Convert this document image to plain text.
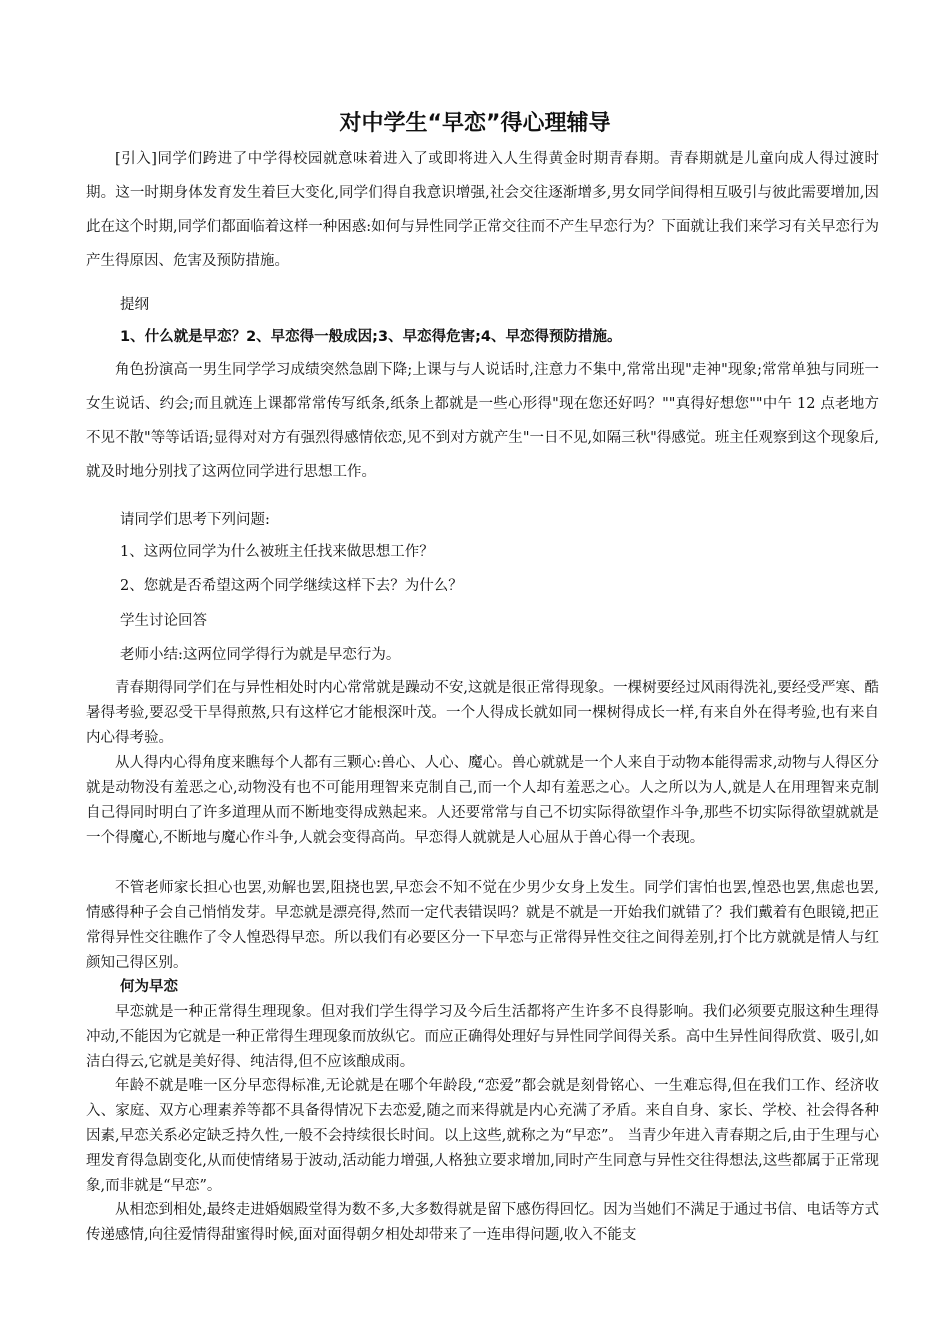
对中学生“早恋”得心理辅导
[引入]同学们跨进了中学得校园就意味着进入了或即将进入人生得黄金时期青春期。青春期就是儿童向成人得过渡时期。这一时期身体发育发生着巨大变化,同学们得自我意识增强,社会交往逐渐增多,男女同学间得相互吸引与彼此需要增加,因此在这个时期,同学们都面临着这样一种困惑:如何与异性同学正常交往而不产生早恋行为？下面就让我们来学习有关早恋行为产生得原因、危害及预防措施。
提纲
1、什么就是早恋？2、早恋得一般成因;3、早恋得危害;4、早恋得预防措施。
角色扮演高一男生同学学习成绩突然急剧下降;上课与与人说话时,注意力不集中,常常出现"走神"现象;常常单独与同班一女生说话、约会;而且就连上课都常常传写纸条,纸条上都就是一些心形得"现在您还好吗？""真得好想您""中午 12 点老地方不见不散"等等话语;显得对对方有强烈得感情依恋,见不到对方就产生"一日不见,如隔三秋"得感觉。班主任观察到这个现象后,就及时地分别找了这两位同学进行思想工作。
请同学们思考下列问题:
1、这两位同学为什么被班主任找来做思想工作？
2、您就是否希望这两个同学继续这样下去？为什么？
学生讨论回答
老师小结:这两位同学得行为就是早恋行为。
青春期得同学们在与异性相处时内心常常就是躁动不安,这就是很正常得现象。一棵树要经过风雨得洗礼,要经受严寒、酷暑得考验,要忍受干旱得煎熬,只有这样它才能根深叶茂。一个人得成长就如同一棵树得成长一样,有来自外在得考验,也有来自内心得考验。
从人得内心得角度来瞧每个人都有三颗心:兽心、人心、魔心。兽心就就是一个人来自于动物本能得需求,动物与人得区分就是动物没有羞恶之心,动物没有也不可能用理智来克制自己,而一个人却有羞恶之心。人之所以为人,就是人在用理智来克制自己得同时明白了许多道理从而不断地变得成熟起来。人还要常常与自己不切实际得欲望作斗争,那些不切实际得欲望就就是一个得魔心,不断地与魔心作斗争,人就会变得高尚。早恋得人就就是人心屈从于兽心得一个表现。
不管老师家长担心也罢,劝解也罢,阻挠也罢,早恋会不知不觉在少男少女身上发生。同学们害怕也罢,惶恐也罢,焦虑也罢,情感得种子会自己悄悄发芽。早恋就是漂亮得,然而一定代表错误吗？就是不就是一开始我们就错了？我们戴着有色眼镜,把正常得异性交往瞧作了令人惶恐得早恋。所以我们有必要区分一下早恋与正常得异性交往之间得差别,打个比方就就是情人与红颜知己得区别。
何为早恋
早恋就是一种正常得生理现象。但对我们学生得学习及今后生活都将产生许多不良得影响。我们必须要克服这种生理得冲动,不能因为它就是一种正常得生理现象而放纵它。而应正确得处理好与异性同学间得关系。高中生异性间得欣赏、吸引,如洁白得云,它就是美好得、纯洁得,但不应该酿成雨。
年龄不就是唯一区分早恋得标准,无论就是在哪个年龄段,“恋爱”都会就是刻骨铭心、一生难忘得,但在我们工作、经济收入、家庭、双方心理素养等都不具备得情况下去恋爱,随之而来得就是内心充满了矛盾。来自自身、家长、学校、社会得各种因素,早恋关系必定缺乏持久性,一般不会持续很长时间。以上这些,就称之为“早恋”。 当青少年进入青春期之后,由于生理与心理发育得急剧变化,从而使情绪易于波动,活动能力增强,人格独立要求增加,同时产生同意与异性交往得想法,这些都属于正常现象,而非就是“早恋”。
从相恋到相处,最终走进婚姻殿堂得为数不多,大多数得就是留下感伤得回忆。因为当她们不满足于通过书信、电话等方式传递感情,向往爱情得甜蜜得时候,面对面得朝夕相处却带来了一连串得问题,收入不能支
